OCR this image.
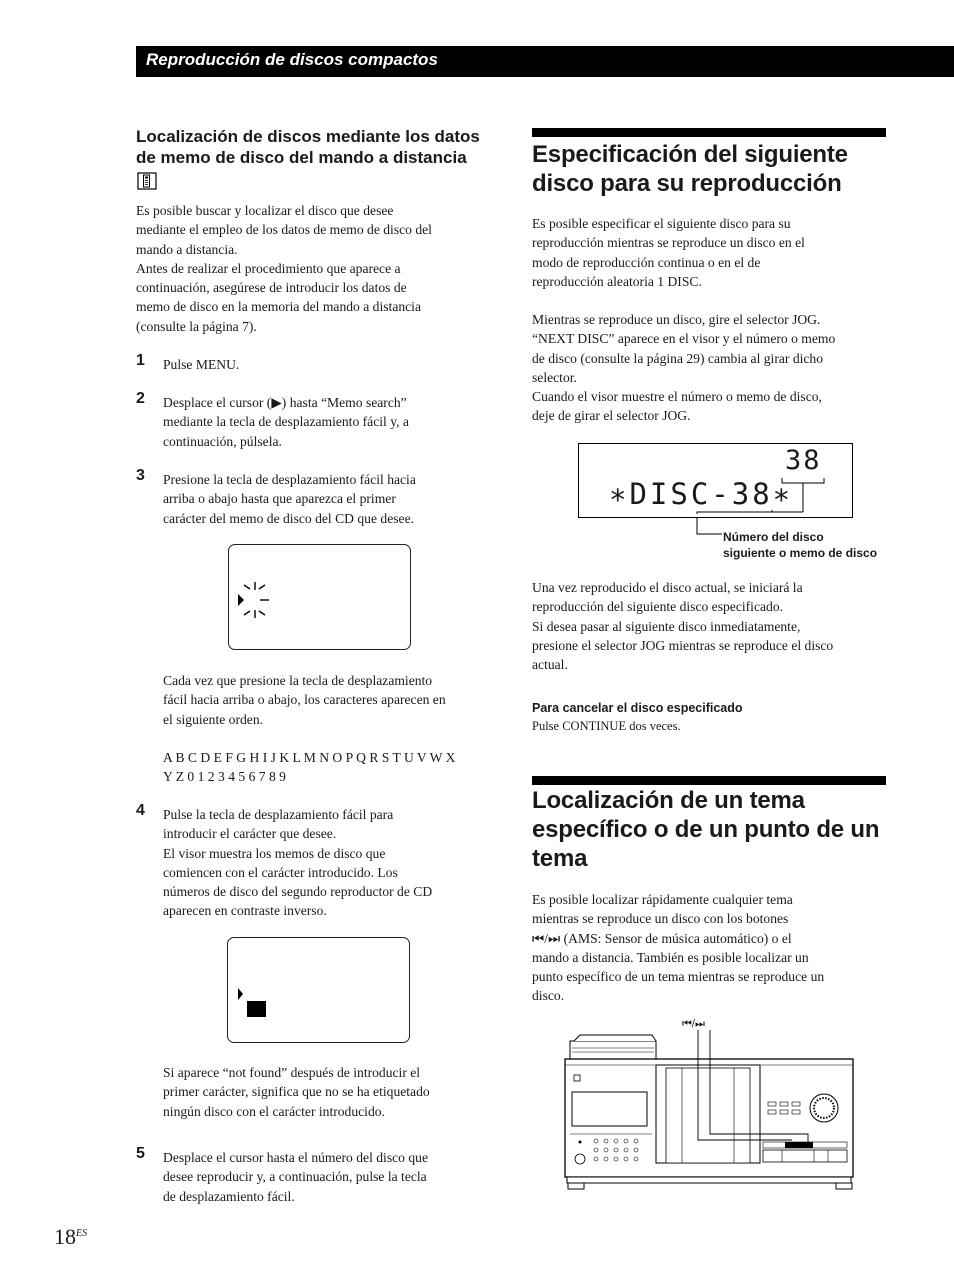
Reproducción de discos compactos
Localización de discos mediante los datos
de memo de disco del mando a distancia
Es posible buscar y localizar el disco que desee
mediante el empleo de los datos de memo de disco del
mando a distancia.
Antes de realizar el procedimiento que aparece a
continuación, asegúrese de introducir los datos de
memo de disco en la memoria del mando a distancia
(consulte la página 7).
1 Pulse MENU.
2 Desplace el cursor (▶) hasta “Memo search”
mediante la tecla de desplazamiento fácil y, a
continuación, púlsela.
3 Presione la tecla de desplazamiento fácil hacia
arriba o abajo hasta que aparezca el primer
carácter del memo de disco del CD que desee.
Cada vez que presione la tecla de desplazamiento
fácil hacia arriba o abajo, los caracteres aparecen en
el siguiente orden.
A B C D E F G H I J K L M N O P Q R S T U V W X
Y Z 0 1 2 3 4 5 6 7 8 9
4 Pulse la tecla de desplazamiento fácil para
introducir el carácter que desee.
El visor muestra los memos de disco que
comiencen con el carácter introducido. Los
números de disco del segundo reproductor de CD
aparecen en contraste inverso.
Si aparece “not found” después de introducir el
primer carácter, significa que no se ha etiquetado
ningún disco con el carácter introducido.
5 Desplace el cursor hasta el número del disco que
desee reproducir y, a continuación, pulse la tecla
de desplazamiento fácil.
$18^{ES}$
Especificación del siguiente
disco para su reproducción
Es posible especificar el siguiente disco para su
reproducción mientras se reproduce un disco en el
modo de reproducción continua o en el de
reproducción aleatoria 1 DISC.
Mientras se reproduce un disco, gire el selector JOG.
“NEXT DISC” aparece en el visor y el número o memo
de disco (consulte la página 29) cambia al girar dicho
selector.
Cuando el visor muestre el número o memo de disco,
deje de girar el selector JOG.
38
∗DISC-38∗
Número del disco
siguiente o memo de disco
Una vez reproducido el disco actual, se iniciará la
reproducción del siguiente disco especificado.
Si desea pasar al siguiente disco inmediatamente,
presione el selector JOG mientras se reproduce el disco
actual.
Para cancelar el disco especificado
Pulse CONTINUE dos veces.
Localización de un tema
específico o de un punto de un
tema
Es posible localizar rápidamente cualquier tema
mientras se reproduce un disco con los botones
⏮/⏭ (AMS: Sensor de música automático) o el
mando a distancia. También es posible localizar un
punto específico de un tema mientras se reproduce un
disco.
⏮/⏭
